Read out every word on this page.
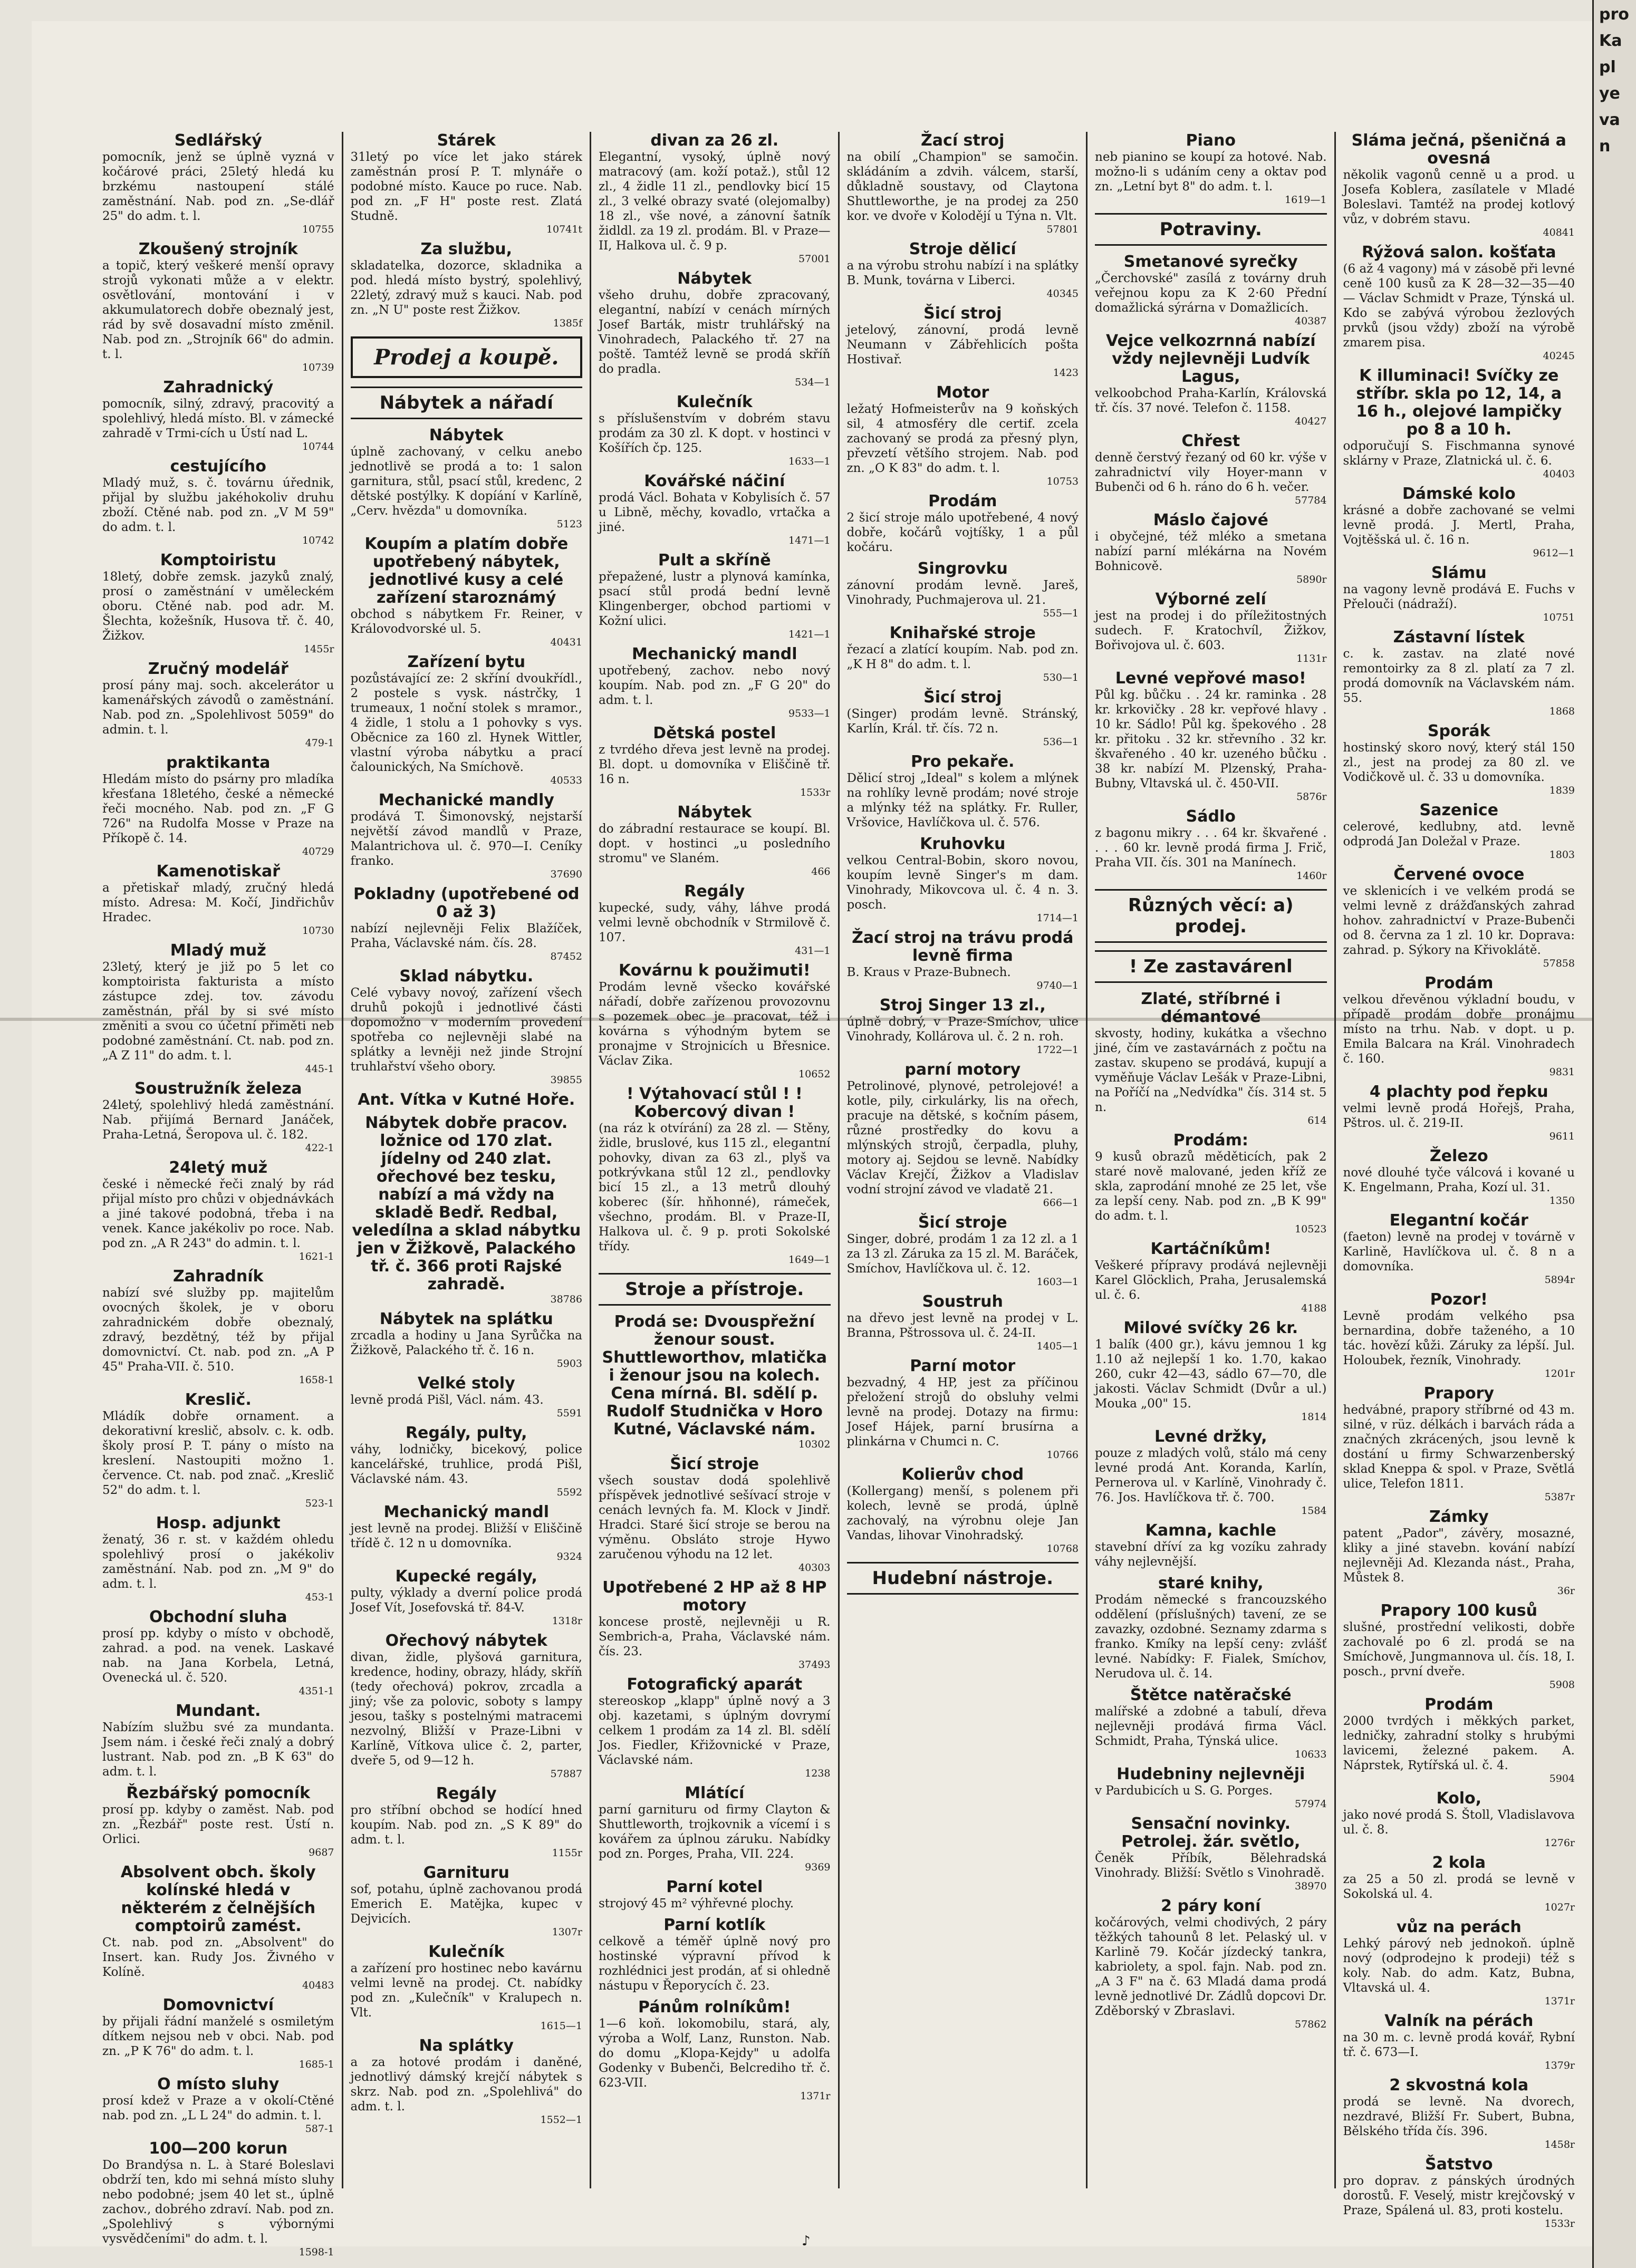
pro
Ka
pl
ye
va
n
Sedlářský
pomocník, jenž se úplně vyzná v kočárové práci, 25letý hledá ku brzkému nastoupení stálé zaměstnání. Nab. pod zn. „Se-dlář 25" do adm. t. l.
10755
Zkoušený strojník
a topič, který veškeré menší opravy strojů vykonati může a v elektr. osvětlování, montování i v akkumulatorech dobře obeznalý jest, rád by svě dosavadní místo změnil. Nab. pod zn. „Strojník 66" do admin. t. l.
10739
Zahradnický
pomocník, silný, zdravý, pracovitý a spolehlivý, hledá místo. Bl. v zámecké zahradě v Trmi-cích u Ústí nad L.
10744
cestujícího
Mladý muž, s. č. továrnu úřednik, přijal by službu jakéhokoliv druhu zboží. Ctěné nab. pod zn. „V M 59" do adm. t. l.
10742
Komptoiristu
18letý, dobře zemsk. jazyků znalý, prosí o zaměstnání v uměleckém oboru. Ctěné nab. pod adr. M. Šlechta, kožešník, Husova tř. č. 40, Žižkov.
1455r
Zručný modelář
prosí pány maj. soch. akcelerátor u kamenářských závodů o zaměstnání. Nab. pod zn. „Spolehlivost 5059" do admin. t. l.
479-1
praktikanta
Hledám místo do psárny pro mladíka křesťana 18letého, české a německé řeči mocného. Nab. pod zn. „F G 726" na Rudolfa Mosse v Praze na Příkopě č. 14.
40729
Kamenotiskař
a přetiskař mladý, zručný hledá místo. Adresa: M. Kočí, Jindřichův Hradec.
10730
Mladý muž
23letý, který je již po 5 let co komptoirista fakturista a místo zástupce zdej. tov. závodu zaměstnán, přál by si své místo změniti a svou co účetní přiměti neb podobné zaměstnání. Ct. nab. pod zn. „A Z 11" do adm. t. l.
445-1
Soustružník železa
24letý, spolehlivý hledá zaměstnání. Nab. přijímá Bernard Janáček, Praha-Letná, Šeropova ul. č. 182.
422-1
24letý muž
české i německé řeči znalý by rád přijal místo pro chůzi v objednávkách a jiné takové podobná, třeba i na venek. Kance jakékoliv po roce. Nab. pod zn. „A R 243" do admin. t. l.
1621-1
Zahradník
nabízí své služby pp. majitelům ovocných školek, je v oboru zahradnickém dobře obeznalý, zdravý, bezdětný, též by přijal domovnictví. Ct. nab. pod zn. „A P 45" Praha-VII. č. 510.
1658-1
Kreslič.
Mládík dobře ornament. a dekorativní kreslič, absolv. c. k. odb. školy prosí P. T. pány o místo na kreslení. Nastoupiti možno 1. července. Ct. nab. pod znač. „Kreslič 52" do adm. t. l.
523-1
Hosp. adjunkt
ženatý, 36 r. st. v každém ohledu spolehlivý prosí o jakékoliv zaměstnání. Nab. pod zn. „M 9" do adm. t. l.
453-1
Obchodní sluha
prosí pp. kdyby o místo v obchodě, zahrad. a pod. na venek. Laskavé nab. na Jana Korbela, Letná, Ovenecká ul. č. 520.
4351-1
Mundant.
Nabízím službu své za mundanta. Jsem nám. i české řeči znalý a dobrý lustrant. Nab. pod zn. „B K 63" do adm. t. l.
Řezbářský pomocník
prosí pp. kdyby o zaměst. Nab. pod zn. „Řezbář" poste rest. Ústí n. Orlici.
9687
Absolvent obch. školy kolínské hledá v některém z čelnějších comptoirů zamést.
Ct. nab. pod zn. „Absolvent" do Insert. kan. Rudy Jos. Živného v Kolíně.
40483
Domovnictví
by přijali řádní manželé s osmiletým dítkem nejsou neb v obci. Nab. pod zn. „P K 76" do adm. t. l.
1685-1
O místo sluhy
prosí kdež v Praze a v okolí-Ctěné nab. pod zn. „L L 24" do admin. t. l.
587-1
100—200 korun
Do Brandýsa n. L. à Staré Boleslavi obdrží ten, kdo mi sehná místo sluhy nebo podobné; jsem 40 let st., úplně zachov., dobrého zdraví. Nab. pod zn. „Spolehlivý s výbornými vysvědčeními" do adm. t. l.
1598-1
Stárek
31letý po více let jako stárek zaměstnán prosí P. T. mlynáře o podobné místo. Kauce po ruce. Nab. pod zn. „F H" poste rest. Zlatá Studně.
10741t
Za službu,
skladatelka, dozorce, skladnika a pod. hledá místo bystrý, spolehlivý, 22letý, zdravý muž s kauci. Nab. pod zn. „N U" poste rest Žižkov.
1385f
Prodej a koupě.
Nábytek a nářadí
Nábytek
úplně zachovaný, v celku anebo jednotlivě se prodá a to: 1 salon garnitura, stůl, psací stůl, kredenc, 2 dětské postýlky. K dopíání v Karlíně, „Cerv. hvězda" u domovníka.
5123
Koupím a platím dobře upotřebený nábytek, jednotlivé kusy a celé zařízení staroznámý
obchod s nábytkem Fr. Reiner, v Královodvorské ul. 5.
40431
Zařízení bytu
pozůstávající ze: 2 skříní dvoukřídl., 2 postele s vysk. nástrčky, 1 trumeaux, 1 noční stolek s mramor., 4 židle, 1 stolu a 1 pohovky s vys. Oběcnice za 160 zl. Hynek Wittler, vlastní výroba nábytku a prací čalounických, Na Smíchově.
40533
Mechanické mandly
prodává T. Šimonovský, nejstarší největší závod mandlů v Praze, Malantrichova ul. č. 970—I. Ceníky franko.
37690
Pokladny (upotřebené od 0 až 3)
nabízí nejlevněji Felix Blažíček, Praha, Václavské nám. čís. 28.
87452
Sklad nábytku.
Celé vybavy novoý, zařízení všech druhů pokojů i jednotlivé části dopomožno v moderním provedení spotřeba co nejlevněji slabé na splátky a levněji než jinde Strojní truhlařství všeho obory.
39855
Ant. Vítka v Kutné Hoře.
Nábytek dobře pracov. ložnice od 170 zlat. jídelny od 240 zlat. ořechové bez tesku, nabízí a má vždy na skladě Bedř. Redbal, veledílna a sklad nábytku jen v Žižkově, Palackého tř. č. 366 proti Rajské zahradě.
38786
Nábytek na splátku
zrcadla a hodiny u Jana Syrůčka na Žižkově, Palackého tř. č. 16 n.
5903
Velké stoly
levně prodá Pišl, Václ. nám. 43.
5591
Regály, pulty,
váhy, lodničky, bicekový, police kancelářské, truhlice, prodá Pišl, Václavské nám. 43.
5592
Mechanický mandl
jest levně na prodej. Bližší v Eliščině třídě č. 12 n u domovníka.
9324
Kupecké regály,
pulty, výklady a dverní police prodá Josef Vít, Josefovská tř. 84-V.
1318r
Ořechový nábytek
divan, židle, plyšová garnitura, kredence, hodiny, obrazy, hlády, skříň (tedy ořechová) pokrov, zrcadla a jiný; vše za polovic, soboty s lampy jesou, tašky s postelnými matracemi nezvolný, Bližší v Praze-Libni v Karlíně, Vítkova ulice č. 2, parter, dveře 5, od 9—12 h.
57887
Regály
pro stříbní obchod se hodící hned koupím. Nab. pod zn. „S K 89" do adm. t. l.
1155r
Garnituru
sof, potahu, úplně zachovanou prodá Emerich E. Matějka, kupec v Dejvicích.
1307r
Kulečník
a zařízení pro hostinec nebo kavárnu velmi levně na prodej. Ct. nabídky pod zn. „Kulečník" v Kralupech n. Vlt.
1615—1
Na splátky
a za hotové prodám i daněné, jednotlivý dámský krejčí nábytek s skrz. Nab. pod zn. „Spolehlivá" do adm. t. l.
1552—1
divan za 26 zl.
Elegantní, vysoký, úplně nový matracový (am. koží potaž.), stůl 12 zl., 4 židle 11 zl., pendlovky bicí 15 zl., 3 velké obrazy svaté (olejomalby) 18 zl., vše nové, a zánovní šatník židldl. za 19 zl. prodám. Bl. v Praze—II, Halkova ul. č. 9 p.
57001
Nábytek
všeho druhu, dobře zpracovaný, elegantní, nabízí v cenách mírných Josef Barták, mistr truhlářský na Vinohradech, Palackého tř. 27 na poště. Tamtéž levně se prodá skříň do pradla.
534—1
Kulečník
s příslušenstvím v dobrém stavu prodám za 30 zl. K dopt. v hostinci v Košířích čp. 125.
1633—1
Kovářské náčiní
prodá Václ. Bohata v Kobylisích č. 57 u Libně, měchy, kovadlo, vrtačka a jiné.
1471—1
Pult a skříně
přepažené, lustr a plynová kamínka, psací stůl prodá bední levně Klingenberger, obchod partiomi v Kožní ulici.
1421—1
Mechanický mandl
upotřebený, zachov. nebo nový koupím. Nab. pod zn. „F G 20" do adm. t. l.
9533—1
Dětská postel
z tvrdého dřeva jest levně na prodej. Bl. dopt. u domovníka v Eliščině tř. 16 n.
1533r
Nábytek
do zábradní restaurace se koupí. Bl. dopt. v hostinci „u posledního stromu" ve Slaném.
466
Regály
kupecké, sudy, váhy, láhve prodá velmi levně obchodník v Strmilově č. 107.
431—1
Kovárnu k použimuti!
Prodám levně všecko kovářské nářadí, dobře zařízenou provozovnu s pozemek obec je pracovat, též i kovárna s výhodným bytem se pronajme v Strojnicích u Břesnice. Václav Zika.
10652
! Výtahovací stůl ! ! Kobercový divan !
(na ráz k otvírání) za 28 zl. — Stěny, židle, bruslové, kus 115 zl., elegantní pohovky, divan za 63 zl., plyš va potkrývkana stůl 12 zl., pendlovky bicí 15 zl., a 13 metrů dlouhý koberec (šír. hňhonné), rámeček, všechno, prodám. Bl. v Praze-II, Halkova ul. č. 9 p. proti Sokolské třídy.
1649—1
Stroje a přístroje.
Prodá se: Dvouspřežní ženour soust. Shuttleworthov, mlatička i ženour jsou na kolech. Cena mírná. Bl. sdělí p. Rudolf Studnička v Horo Kutné, Václavské nám.
10302
Šicí stroje
všech soustav dodá spolehlivě příspěvek jednotlivé sešívací stroje v cenách levných fa. M. Klock v Jindř. Hradci. Staré šicí stroje se berou na výměnu. Obsláto stroje Hywo zaručenou výhodu na 12 let.
40303
Upotřebené 2 HP až 8 HP motory
koncese prostě, nejlevněji u R. Sembrich-a, Praha, Václavské nám. čís. 23.
37493
Fotografický aparát
stereoskop „klapp" úplně nový a 3 obj. kazetami, s úplným dovrymí celkem 1 prodám za 14 zl. Bl. sdělí Jos. Fiedler, Křižovnické v Praze, Václavské nám.
1238
Mlátící
parní garnituru od firmy Clayton & Shuttleworth, trojkovnik a vícemí i s kovářem za úplnou záruku. Nabídky pod zn. Porges, Praha, VII. 224.
9369
Parní kotel
strojový 45 m² výhřevné plochy.
Parní kotlík
celkově a téměř úplně nový pro hostinské výpravní přívod k rozhlédnici jest prodán, ať si ohledně nástupu v Řeporycích č. 23.
Pánům rolníkům!
1—6 koň. lokomobilu, stará, aly, výroba a Wolf, Lanz, Runston. Nab. do domu „Klopa-Kejdy" u adolfa Godenky v Bubenči, Belcrediho tř. č. 623-VII.
1371r
Žací stroj
na obilí „Champion" se samočin. skládáním a zdvih. válcem, starší, důkladně soustavy, od Claytona Shuttleworthe, je na prodej za 250 kor. ve dvoře v Kolodějí u Týna n. Vlt.
57801
Stroje dělicí
a na výrobu strohu nabízí i na splátky B. Munk, továrna v Liberci.
40345
Šicí stroj
jetelový, zánovní, prodá levně Neumann v Zábřehlicích pošta Hostivař.
1423
Motor
ležatý Hofmeisterův na 9 koňských sil, 4 atmosféry dle certif. zcela zachovaný se prodá za přesný plyn, převzetí většího strojem. Nab. pod zn. „O K 83" do adm. t. l.
10753
Prodám
2 šicí stroje málo upotřebené, 4 nový dobře, kočárů vojtíšky, 1 a půl kočáru.
Singrovku
zánovní prodám levně. Jareš, Vinohrady, Puchmajerova ul. 21.
555—1
Knihařské stroje
řezací a zlatící koupím. Nab. pod zn. „K H 8" do adm. t. l.
530—1
Šicí stroj
(Singer) prodám levně. Stránský, Karlín, Král. tř. čís. 72 n.
536—1
Pro pekaře.
Dělicí stroj „Ideal" s kolem a mlýnek na rohlíky levně prodám; nové stroje a mlýnky též na splátky. Fr. Ruller, Vršovice, Havlíčkova ul. č. 576.
Kruhovku
velkou Central-Bobin, skoro novou, koupím levně Singer's m dam. Vinohrady, Mikovcova ul. č. 4 n. 3. posch.
1714—1
Žací stroj na trávu prodá levně firma
B. Kraus v Praze-Bubnech.
9740—1
Stroj Singer 13 zl.,
úplně dobrý, v Praze-Smíchov, ulice Vinohrady, Kollárova ul. č. 2 n. roh.
1722—1
parní motory
Petrolinové, plynové, petrolejové! a kotle, pily, cirkulárky, lis na ořech, pracuje na dětské, s kočním pásem, různé prostředky do kovu a mlýnských strojů, čerpadla, pluhy, motory aj. Sejdou se levně. Nabídky Václav Krejčí, Žižkov a Vladislav vodní strojní závod ve vladatě 21.
666—1
Šicí stroje
Singer, dobré, prodám 1 za 12 zl. a 1 za 13 zl. Záruka za 15 zl. M. Baráček, Smíchov, Havlíčkova ul. č. 12.
1603—1
Soustruh
na dřevo jest levně na prodej v L. Branna, Pštrossova ul. č. 24-II.
1405—1
Parní motor
bezvadný, 4 HP, jest za příčinou přeložení strojů do obsluhy velmi levně na prodej. Dotazy na firmu: Josef Hájek, parní brusírna a plinkárna v Chumci n. C.
10766
Kolierův chod
(Kollergang) menší, s polenem při kolech, levně se prodá, úplně zachovalý, na výrobnu oleje Jan Vandas, lihovar Vinohradský.
10768
Hudební nástroje.
Piano
neb pianino se koupí za hotové. Nab. možno-li s udáním ceny a oktav pod zn. „Letní byt 8" do adm. t. l.
1619—1
Potraviny.
Smetanové syrečky
„Čerchovské" zasílá z továrny druh veřejnou kopu za K 2·60 Přední domažlická sýrárna v Domažlicích.
40387
Vejce velkozrnná nabízí vždy nejlevněji Ludvík Lagus,
velkoobchod Praha-Karlín, Královská tř. čís. 37 nové. Telefon č. 1158.
40427
Chřest
denně čerstvý řezaný od 60 kr. výše v zahradnictví vily Hoyer-mann v Bubenči od 6 h. ráno do 6 h. večer.
57784
Máslo čajové
i obyčejné, též mléko a smetana nabízí parní mlékárna na Novém Bohnicově.
5890r
Výborné zelí
jest na prodej i do příležitostných sudech. F. Kratochvíl, Žižkov, Bořivojova ul. č. 603.
1131r
Levné vepřové maso!
Půl kg. bůčku . . 24 kr. raminka . 28 kr. krkovičky . 28 kr. vepřové hlavy . 10 kr. Sádlo! Půl kg. špekového . 28 kr. přitoku . 32 kr. střevního . 32 kr. škvařeného . 40 kr. uzeného bůčku . 38 kr. nabízí M. Plzenský, Praha-Bubny, Vltavská ul. č. 450-VII.
5876r
Sádlo
z bagonu mikry . . . 64 kr. škvařené . . . . 60 kr. levně prodá firma J. Frič, Praha VII. čís. 301 na Manínech.
1460r
Různých věcí: a) prodej.
! Ze zastavárenl
Zlaté, stříbrné i démantové
skvosty, hodiny, kukátka a všechno jiné, čím ve zastavárnách z počtu na zastav. skupeno se prodává, kupují a vyměňuje Václav Lešák v Praze-Libni, na Poříčí na „Nedvídka" čís. 314 st. 5 n.
614
Prodám:
9 kusů obrazů měděticích, pak 2 staré nově malované, jeden kříž ze skla, zaprodání mnohé ze 25 let, vše za lepší ceny. Nab. pod zn. „B K 99" do adm. t. l.
10523
Kartáčníkům!
Veškeré přípravy prodává nejlevněji Karel Glöcklich, Praha, Jerusalemská ul. č. 6.
4188
Milové svíčky 26 kr.
1 balík (400 gr.), kávu jemnou 1 kg 1.10 až nejlepší 1 ko. 1.70, kakao 260, cukr 42—43, sádlo 67—70, dle jakosti. Václav Schmidt (Dvůr a ul.) Mouka „00" 15.
1814
Levné držky,
pouze z mladých volů, stálo má ceny levné prodá Ant. Koranda, Karlín, Pernerova ul. v Karlíně, Vinohrady č. 76. Jos. Havlíčkova tř. č. 700.
1584
Kamna, kachle
stavební dříví za kg vozíku zahrady váhy nejlevnější.
staré knihy,
Prodám německé s francouzského oddělení (příslušných) tavení, ze se zavazky, ozdobné. Seznamy zdarma s franko. Kmíky na lepší ceny: zvlášť levné. Nabídky: F. Fialek, Smíchov, Nerudova ul. č. 14.
Štětce natěračské
malířské a zdobné a tabulí, dřeva nejlevněji prodává firma Václ. Schmidt, Praha, Týnská ulice.
10633
Hudebniny nejlevněji
v Pardubicích u S. G. Porges.
57974
Sensační novinky. Petrolej. žár. světlo,
Čeněk Příbík, Bělehradská Vinohrady. Bližší: Světlo s Vinohradě.
38970
2 páry koní
kočárových, velmi chodivých, 2 páry těžkých tahounů 8 let. Pelaský ul. v Karlině 79. Kočár jízdecký tankra, kabriolety, a spol. fajn. Nab. pod zn. „A 3 F" na č. 63 Mladá dama prodá levně jednotlivé Dr. Zádlů dopcovi Dr. Zděborský v Zbraslavi.
57862
Sláma ječná, pšeničná a ovesná
několik vagonů cenně u a prod. u Josefa Koblera, zasílatele v Mladé Boleslavi. Tamtéž na prodej kotlový vůz, v dobrém stavu.
40841
Rýžová salon. košťata
(6 až 4 vagony) má v zásobě při levné ceně 100 kusů za K 28—32—35—40— Václav Schmidt v Praze, Týnská ul. Kdo se zabývá výrobou žezlových prvků (jsou vždy) zboží na výrobě zmarem pisa.
40245
K illuminaci! Svíčky ze stříbr. skla po 12, 14, a 16 h., olejové lampičky po 8 a 10 h.
odporučují S. Fischmanna synové sklárny v Praze, Zlatnická ul. č. 6.
40403
Dámské kolo
krásné a dobře zachované se velmi levně prodá. J. Mertl, Praha, Vojtěšská ul. č. 16 n.
9612—1
Slámu
na vagony levně prodává E. Fuchs v Přelouči (nádraží).
10751
Zástavní lístek
c. k. zastav. na zlaté nové remontoirky za 8 zl. platí za 7 zl. prodá domovník na Václavském nám. 55.
1868
Sporák
hostinský skoro nový, který stál 150 zl., jest na prodej za 80 zl. ve Vodičkově ul. č. 33 u domovníka.
1839
Sazenice
celerové, kedlubny, atd. levně odprodá Jan Doležal v Praze.
1803
Červené ovoce
ve sklenicích i ve velkém prodá se velmi levně z drážďanských zahrad hohov. zahradnictví v Praze-Bubenči od 8. června za 1 zl. 10 kr. Doprava: zahrad. p. Sýkory na Křivoklátě.
57858
Prodám
velkou dřevěnou výkladní boudu, v případě prodám dobře pronájmu místo na trhu. Nab. v dopt. u p. Emila Balcara na Král. Vinohradech č. 160.
9831
4 plachty pod řepku
velmi levně prodá Hořejš, Praha, Pštros. ul. č. 219-II.
9611
Železo
nové dlouhé tyče válcová i kované u K. Engelmann, Praha, Kozí ul. 31.
1350
Elegantní kočár
(faeton) levně na prodej v továrně v Karlině, Havlíčkova ul. č. 8 n a domovníka.
5894r
Pozor!
Levně prodám velkého psa bernardina, dobře taženého, a 10 tác. hovězí kůži. Záruky za lépší. Jul. Holoubek, řezník, Vinohrady.
1201r
Prapory
hedvábné, prapory stříbrné od 43 m. silné, v rüz. délkách i barvách ráda a značných zkrácených, jsou levně k dostání u firmy Schwarzenberský sklad Kneppa & spol. v Praze, Světlá ulice, Telefon 1811.
5387r
Zámky
patent „Pador", závěry, mosazné, kliky a jiné stavebn. kování nabízí nejlevněji Ad. Klezanda nást., Praha, Můstek 8.
36r
Prapory 100 kusů
slušné, prostřední velikosti, dobře zachovalé po 6 zl. prodá se na Smíchově, Jungmannova ul. čís. 18, I. posch., první dveře.
5908
Prodám
2000 tvrdých i měkkých parket, ledničky, zahradní stolky s hrubými lavicemi, železné pakem. A. Náprstek, Rytířská ul. č. 4.
5904
Kolo,
jako nové prodá S. Štoll, Vladislavova ul. č. 8.
1276r
2 kola
za 25 a 50 zl. prodá se levně v Sokolská ul. 4.
1027r
vůz na perách
Lehký párový neb jednokoň. úplně nový (odprodejno k prodeji) též s koly. Nab. do adm. Katz, Bubna, Vltavská ul. 4.
1371r
Valník na pérách
na 30 m. c. levně prodá kovář, Rybní tř. č. 673—I.
1379r
2 skvostná kola
prodá se levně. Na dvorech, nezdravé, Bližší Fr. Subert, Bubna, Bělského třída čís. 396.
1458r
Šatstvo
pro doprav. z pánských úrodných dorostů. F. Veselý, mistr krejčovský v Praze, Spálená ul. 83, proti kostelu.
1533r
♪
